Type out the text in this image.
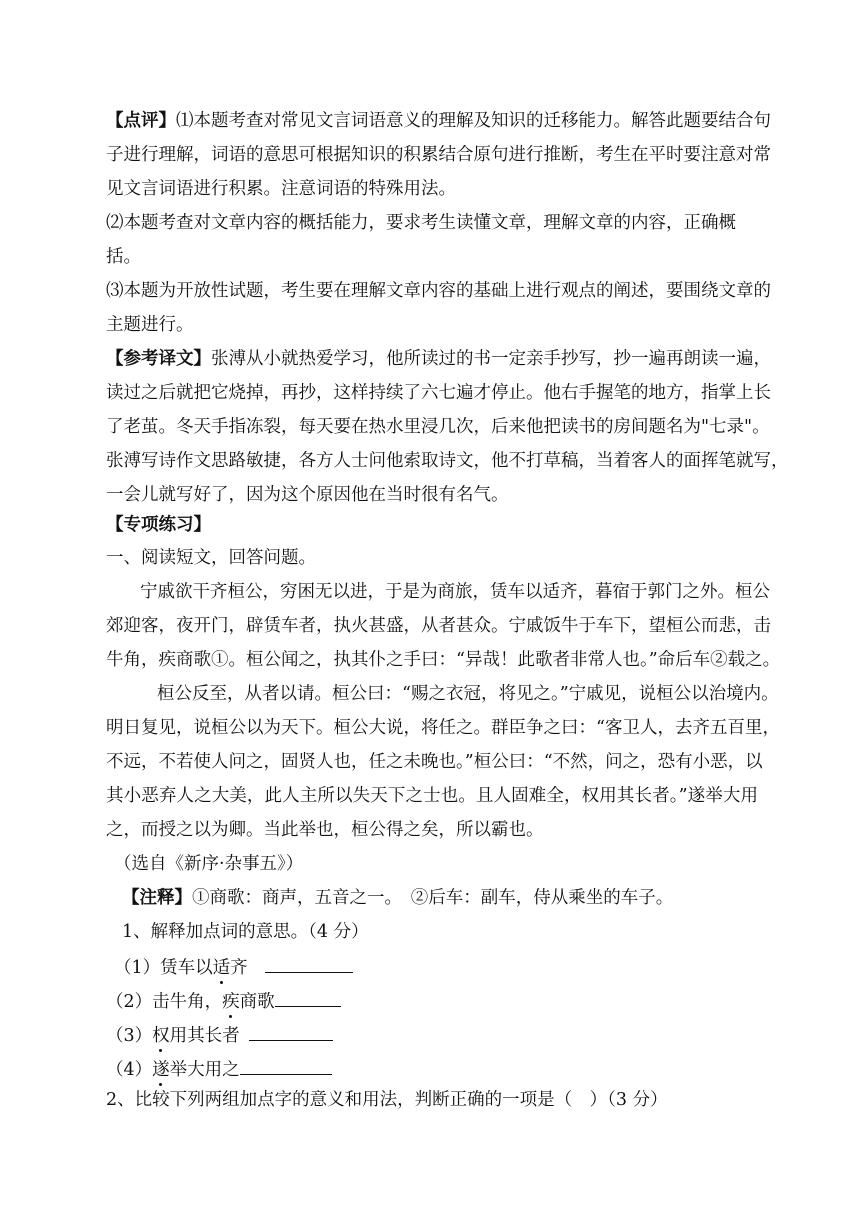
【点评】⑴本题考查对常见文言词语意义的理解及知识的迁移能力。解答此题要结合句
子进行理解，词语的意思可根据知识的积累结合原句进行推断，考生在平时要注意对常
见文言词语进行积累。注意词语的特殊用法。
⑵本题考查对文章内容的概括能力，要求考生读懂文章，理解文章的内容，正确概
括。
⑶本题为开放性试题，考生要在理解文章内容的基础上进行观点的阐述，要围绕文章的
主题进行。
【参考译文】张溥从小就热爱学习，他所读过的书一定亲手抄写，抄一遍再朗读一遍，
读过之后就把它烧掉，再抄，这样持续了六七遍才停止。他右手握笔的地方，指掌上长
了老茧。冬天手指冻裂，每天要在热水里浸几次，后来他把读书的房间题名为"七录"。
张溥写诗作文思路敏捷，各方人士问他索取诗文，他不打草稿，当着客人的面挥笔就写，
一会儿就写好了，因为这个原因他在当时很有名气。
【专项练习】
一、阅读短文，回答问题。
宁戚欲干齐桓公，穷困无以进，于是为商旅，赁车以适齐，暮宿于郭门之外。桓公
郊迎客，夜开门，辟赁车者，执火甚盛，从者甚众。宁戚饭牛于车下，望桓公而悲，击
牛角，疾商歌①。桓公闻之，执其仆之手曰：“异哉！此歌者非常人也。”命后车②载之。
桓公反至，从者以请。桓公曰：“赐之衣冠，将见之。”宁戚见，说桓公以治境内。
明日复见，说桓公以为天下。桓公大说，将任之。群臣争之曰：“客卫人，去齐五百里，
不远，不若使人问之，固贤人也，任之未晚也。”桓公曰：“不然，问之，恐有小恶，以
其小恶弃人之大美，此人主所以失天下之士也。且人固难全，权用其长者。”遂举大用
之，而授之以为卿。当此举也，桓公得之矣，所以霸也。
（选自《新序·杂事五》）
【注释】①商歌：商声，五音之一。　②后车：副车，侍从乘坐的车子。
1、解释加点词的意思。（4 分）
（1）赁车以适齐
（2）击牛角，疾商歌
（3）权用其长者
（4）遂举大用之
2、比较下列两组加点字的意义和用法，判断正确的一项是（　）（3 分）
